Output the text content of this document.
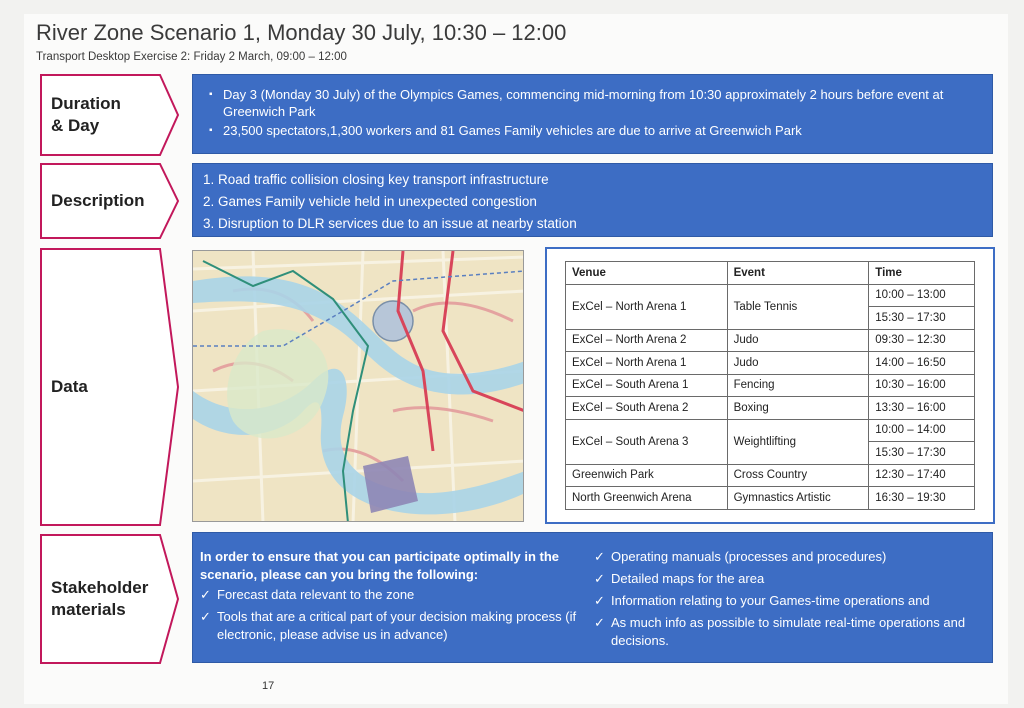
River Zone Scenario 1, Monday 30 July, 10:30 – 12:00
Transport Desktop Exercise 2: Friday 2 March, 09:00 – 12:00
Duration
& Day
▪ Day 3 (Monday 30 July) of the Olympics Games, commencing mid-morning from 10:30 approximately 2 hours before event at Greenwich Park
▪ 23,500 spectators,1,300 workers and 81 Games Family vehicles are due to arrive at Greenwich Park
Description
1. Road traffic collision closing key transport infrastructure
2. Games Family vehicle held in unexpected congestion
3. Disruption to DLR services due to an issue at nearby station
Data
Venue	Event	Time
ExCel – North Arena 1	Table Tennis	10:00 – 13:00
		15:30 – 17:30
ExCel – North Arena 2	Judo	09:30 – 12:30
ExCel – North Arena 1	Judo	14:00 – 16:50
ExCel – South Arena 1	Fencing	10:30 – 16:00
ExCel – South Arena 2	Boxing	13:30 – 16:00
ExCel – South Arena 3	Weightlifting	10:00 – 14:00
		15:30 – 17:30
Greenwich Park	Cross Country	12:30 – 17:40
North Greenwich Arena	Gymnastics Artistic	16:30 – 19:30
Stakeholder
materials
In order to ensure that you can participate optimally in the scenario, please can you bring the following:
✓ Forecast data relevant to the zone
✓ Tools that are a critical part of your decision making process (if electronic, please advise us in advance)
✓ Operating manuals (processes and procedures)
✓ Detailed maps for the area
✓ Information relating to your Games-time operations and
✓ As much info as possible to simulate real-time operations and decisions.
17
